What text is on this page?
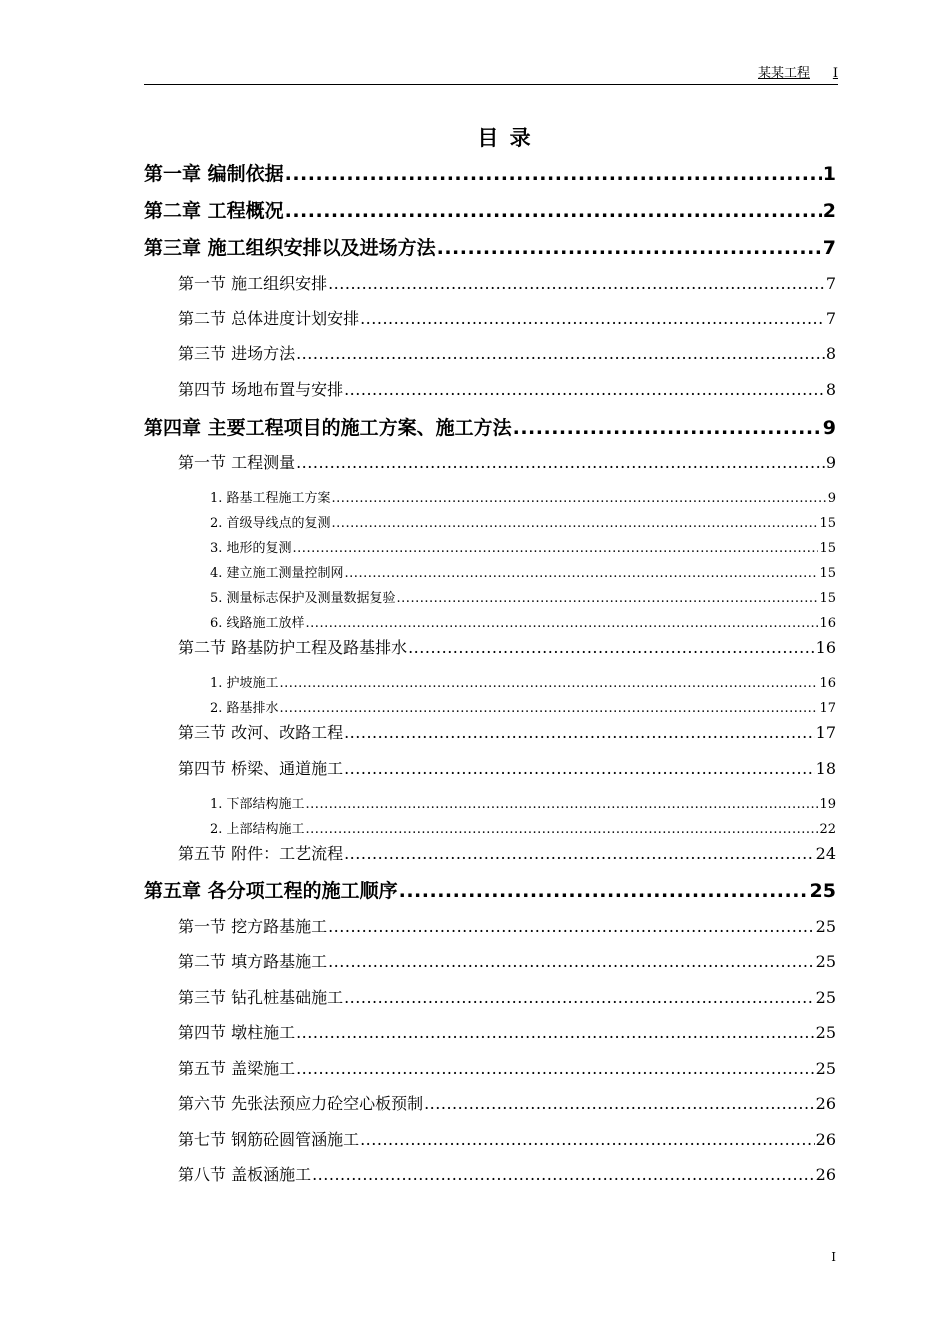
某某工程 I
目 录
第一章 编制依据 .....	1
第二章 工程概况 .....	2
第三章 施工组织安排以及进场方法 .....	7
第一节 施工组织安排 .....	7
第二节 总体进度计划安排 .....	7
第三节 进场方法 .....	8
第四节 场地布置与安排 .....	8
第四章 主要工程项目的施工方案、施工方法 .....	9
第一节 工程测量 .....	9
1. 路基工程施工方案 .....	9
2. 首级导线点的复测 .....	15
3. 地形的复测 .....	15
4. 建立施工测量控制网 .....	15
5. 测量标志保护及测量数据复验 .....	15
6. 线路施工放样 .....	16
第二节 路基防护工程及路基排水 .....	16
1. 护坡施工 .....	16
2. 路基排水 .....	17
第三节 改河、改路工程 .....	17
第四节 桥梁、通道施工 .....	18
1. 下部结构施工 .....	19
2. 上部结构施工 .....	22
第五节 附件：工艺流程 .....	24
第五章 各分项工程的施工顺序 .....	25
第一节 挖方路基施工 .....	25
第二节 填方路基施工 .....	25
第三节 钻孔桩基础施工 .....	25
第四节 墩柱施工 .....	25
第五节 盖梁施工 .....	25
第六节 先张法预应力砼空心板预制 .....	26
第七节 钢筋砼圆管涵施工 .....	26
第八节 盖板涵施工 .....	26
I
